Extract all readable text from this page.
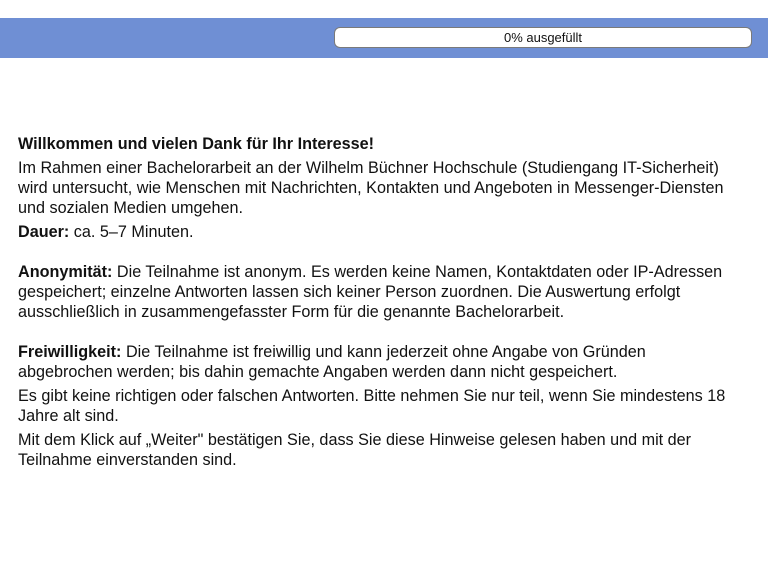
0% ausgefüllt

Willkommen und vielen Dank für Ihr Interesse!

Im Rahmen einer Bachelorarbeit an der Wilhelm Büchner Hochschule (Studiengang IT-Sicherheit) wird untersucht, wie Menschen mit Nachrichten, Kontakten und Angeboten in Messenger-Diensten und sozialen Medien umgehen.

Dauer: ca. 5–7 Minuten.

Anonymität: Die Teilnahme ist anonym. Es werden keine Namen, Kontaktdaten oder IP-Adressen gespeichert; einzelne Antworten lassen sich keiner Person zuordnen. Die Auswertung erfolgt ausschließlich in zusammengefasster Form für die genannte Bachelorarbeit.

Freiwilligkeit: Die Teilnahme ist freiwillig und kann jederzeit ohne Angabe von Gründen abgebrochen werden; bis dahin gemachte Angaben werden dann nicht gespeichert.

Es gibt keine richtigen oder falschen Antworten. Bitte nehmen Sie nur teil, wenn Sie mindestens 18 Jahre alt sind.

Mit dem Klick auf „Weiter" bestätigen Sie, dass Sie diese Hinweise gelesen haben und mit der Teilnahme einverstanden sind.
